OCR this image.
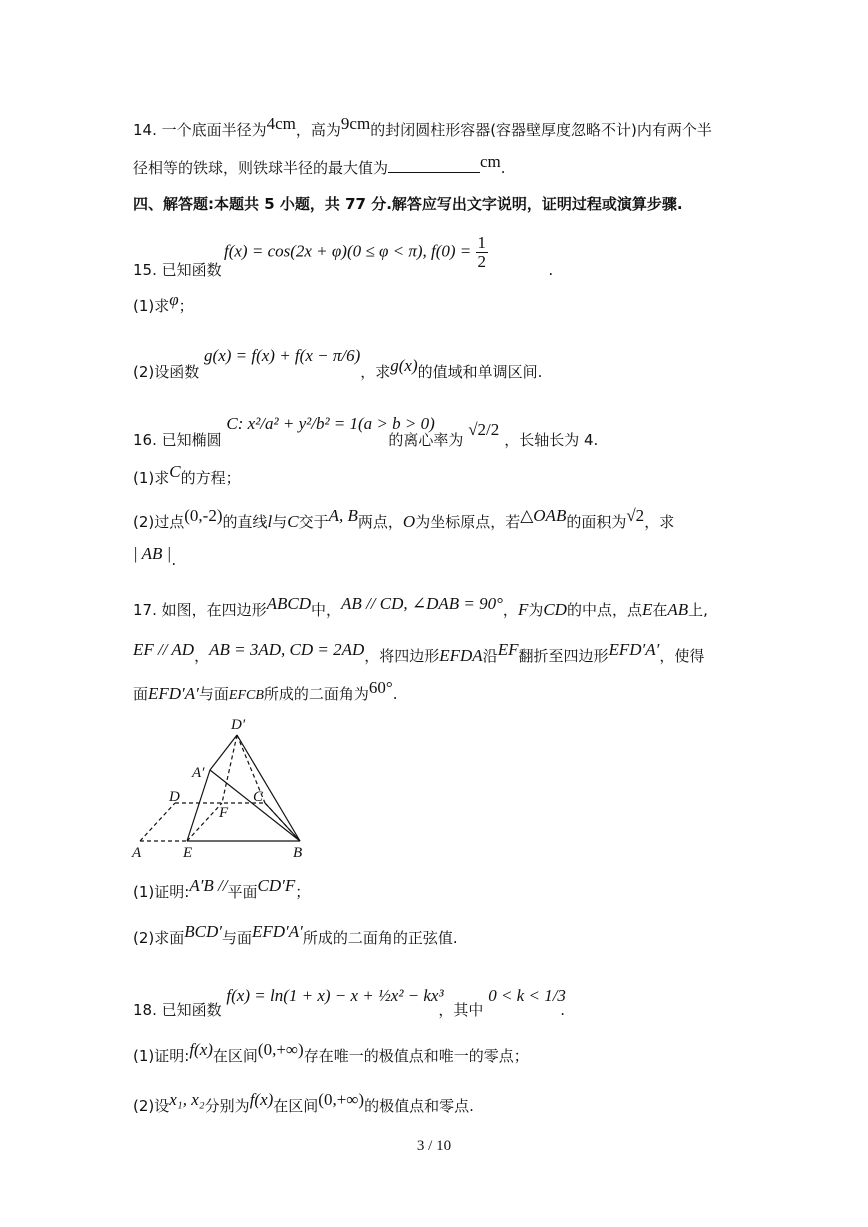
14. 一个底面半径为4cm，高为9cm的封闭圆柱形容器(容器壁厚度忽略不计)内有两个半
径相等的铁球，则铁球半径的最大值为	cm.
四、解答题:本题共 5 小题，共 77 分.解答应写出文字说明，证明过程或演算步骤.
f(x) = cos(2x + φ)(0 ≤ φ < π), $f(0) = \frac{1}{2}$
15. 已知函数	.
(1)求φ；
(2)设函数 g(x) = f(x) + f(x − π/6)，求g(x)的值域和单调区间.
16. 已知椭圆 C: x²/a² + y²/b² = 1(a > b > 0)的离心率为 √2/2，长轴长为 4.
(1)求C的方程；
(2)过点(0,-2)的直线l与C交于A, B两点，O为坐标原点，若△OAB的面积为√2，求
| AB |.
17. 如图，在四边形ABCD中，AB // CD, ∠DAB = 90°，F为CD的中点，点E在AB上,
EF // AD，AB = 3AD, CD = 2AD，将四边形EFDA沿EF翻折至四边形EFD′A′，使得
面EFD′A′与面EFCB所成的二面角为60°.
D′
A′
D	C
F
A	E	B
(1)证明:A′B //平面CD′F；
(2)求面BCD′与面EFD′A′所成的二面角的正弦值.
18. 已知函数 f(x) = ln(1 + x) − x + ½x² − kx³，其中 0 < k < 1/3.
(1)证明:f(x)在区间(0,+∞)存在唯一的极值点和唯一的零点；
(2)设x₁, x₂分别为f(x)在区间(0,+∞)的极值点和零点.
3 / 10
